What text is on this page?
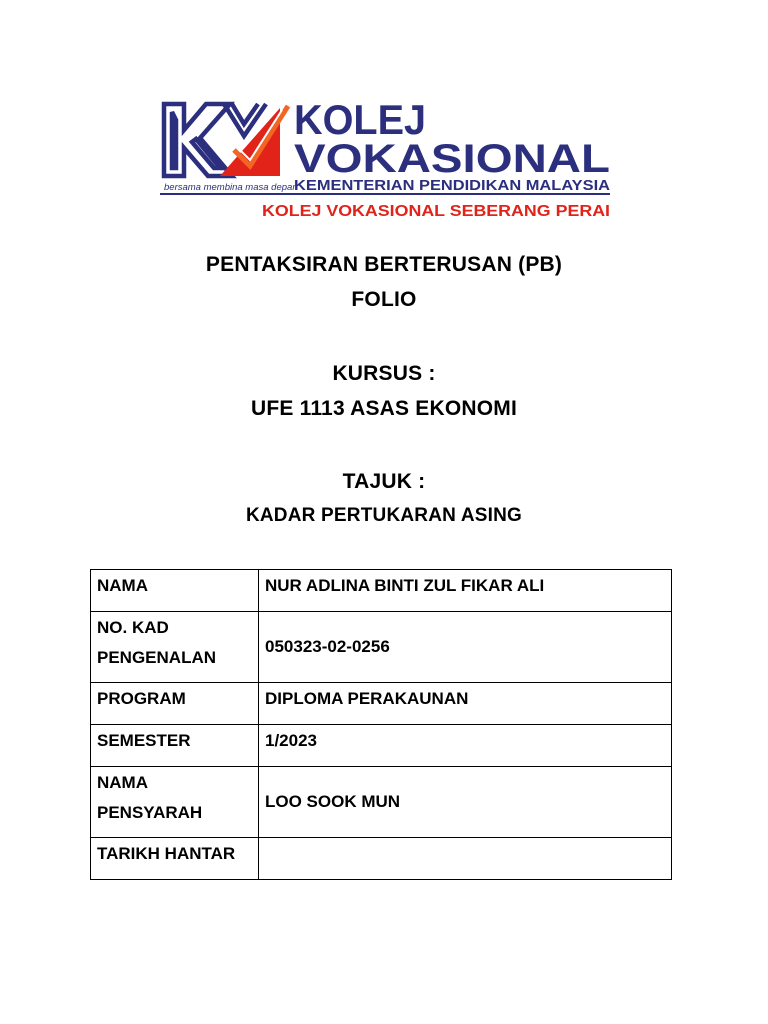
bersama membina masa depan
KOLEJ
VOKASIONAL
KEMENTERIAN PENDIDIKAN MALAYSIA
KOLEJ VOKASIONAL SEBERANG PERAI
PENTAKSIRAN BERTERUSAN (PB)
FOLIO
KURSUS :
UFE 1113 ASAS EKONOMI
TAJUK :
KADAR PERTUKARAN ASING
NAMA	NUR ADLINA BINTI ZUL FIKAR ALI
NO. KAD
PENGENALAN	050323-02-0256
PROGRAM	DIPLOMA PERAKAUNAN
SEMESTER	1/2023
NAMA
PENSYARAH	LOO SOOK MUN
TARIKH HANTAR	
